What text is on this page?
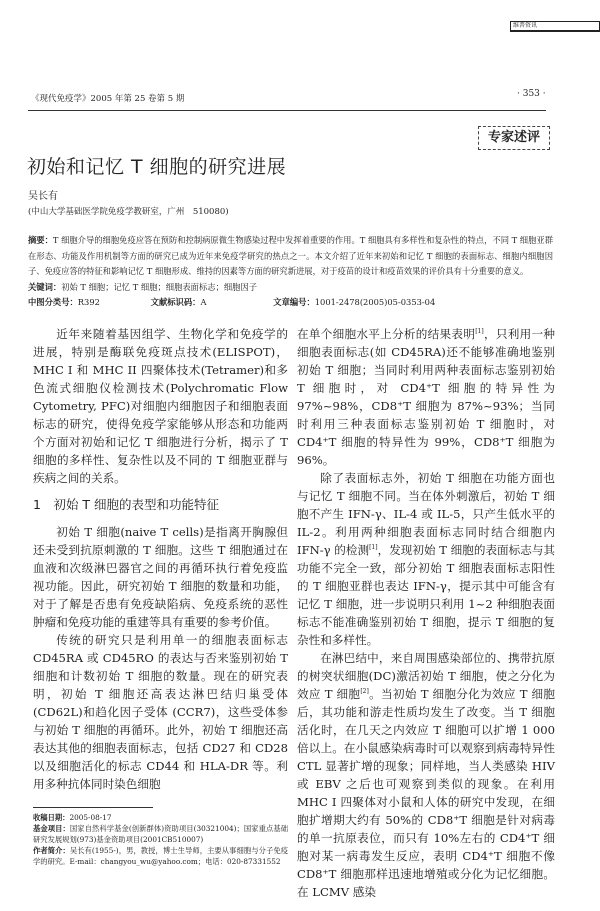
维普资讯
《现代免疫学》2005 年第 25 卷第 5 期	· 353 ·
专家述评
初始和记忆 T 细胞的研究进展
吴长有
(中山大学基础医学院免疫学教研室，广州　510080)
摘要：T 细胞介导的细胞免疫应答在预防和控制病原微生物感染过程中发挥着重要的作用。T 细胞具有多样性和复杂性的特点，不同 T 细胞亚群在形态、功能及作用机制等方面的研究已成为近年来免疫学研究的热点之一。本文介绍了近年来初始和记忆 T 细胞的表面标志、细胞内细胞因子、免疫应答的特征和影响记忆 T 细胞形成、维持的因素等方面的研究新进展，对于疫苗的设计和疫苗效果的评价具有十分重要的意义。
关键词：初始 T 细胞；记忆 T 细胞；细胞表面标志；细胞因子
中图分类号：R392	文献标识码：A	文章编号：1001-2478(2005)05-0353-04

近年来随着基因组学、生物化学和免疫学的进展，特别是酶联免疫斑点技术(ELISPOT)，MHC I 和 MHC II 四聚体技术(Tetramer)和多色流式细胞仪检测技术(Polychromatic Flow Cytometry, PFC)对细胞内细胞因子和细胞表面标志的研究，使得免疫学家能够从形态和功能两个方面对初始和记忆 T 细胞进行分析，揭示了 T 细胞的多样性、复杂性以及不同的 T 细胞亚群与疾病之间的关系。

1　初始 T 细胞的表型和功能特征

初始 T 细胞(naive T cells)是指离开胸腺但还未受到抗原刺激的 T 细胞。这些 T 细胞通过在血液和次级淋巴器官之间的再循环执行着免疫监视功能。因此，研究初始 T 细胞的数量和功能，对于了解是否患有免疫缺陷病、免疫系统的恶性肿瘤和免疫功能的重建等具有重要的参考价值。

传统的研究只是利用单一的细胞表面标志 CD45RA 或 CD45RO 的表达与否来鉴别初始 T 细胞和计数初始 T 细胞的数量。现在的研究表明，初始 T 细胞还高表达淋巴结归巢受体(CD62L)和趋化因子受体 (CCR7)，这些受体参与初始 T 细胞的再循环。此外，初始 T 细胞还高表达其他的细胞表面标志，包括 CD27 和 CD28 以及细胞活化的标志 CD44 和 HLA-DR 等。利用多种抗体同时染色细胞

收稿日期：2005-08-17
基金项目：国家自然科学基金(创新群体)资助项目(30321004)；国家重点基础研究发展规划(973)基金资助项目(2001CB510007)
作者简介：吴长有(1955-)，男，教授，博士生导师，主要从事细胞与分子免疫学的研究。E-mail：changyou_wu@yahoo.com；电话：020-87331552

在单个细胞水平上分析的结果表明[1]，只利用一种细胞表面标志(如 CD45RA)还不能够准确地鉴别初始 T 细胞；当同时利用两种表面标志鉴别初始 T 细胞时，对 CD4⁺T 细胞的特异性为 97%~98%，CD8⁺T 细胞为 87%~93%；当同时利用三种表面标志鉴别初始 T 细胞时，对 CD4⁺T 细胞的特异性为 99%，CD8⁺T 细胞为 96%。

除了表面标志外，初始 T 细胞在功能方面也与记忆 T 细胞不同。当在体外刺激后，初始 T 细胞不产生 IFN-γ、IL-4 或 IL-5，只产生低水平的 IL-2。利用两种细胞表面标志同时结合细胞内 IFN-γ 的检测[1]，发现初始 T 细胞的表面标志与其功能不完全一致，部分初始 T 细胞表面标志阳性的 T 细胞亚群也表达 IFN-γ，提示其中可能含有记忆 T 细胞，进一步说明只利用 1~2 种细胞表面标志不能准确鉴别初始 T 细胞，提示 T 细胞的复杂性和多样性。

在淋巴结中，来自周围感染部位的、携带抗原的树突状细胞(DC)激活初始 T 细胞，使之分化为效应 T 细胞[2]。当初始 T 细胞分化为效应 T 细胞后，其功能和游走性质均发生了改变。当 T 细胞活化时，在几天之内效应 T 细胞可以扩增 1 000 倍以上。在小鼠感染病毒时可以观察到病毒特异性 CTL 显著扩增的现象；同样地，当人类感染 HIV 或 EBV 之后也可观察到类似的现象。在利用 MHC I 四聚体对小鼠和人体的研究中发现，在细胞扩增期大约有 50%的 CD8⁺T 细胞是针对病毒的单一抗原表位，而只有 10%左右的 CD4⁺T 细胞对某一病毒发生反应，表明 CD4⁺T 细胞不像 CD8⁺T 细胞那样迅速地增殖或分化为记忆细胞。在 LCMV 感染
